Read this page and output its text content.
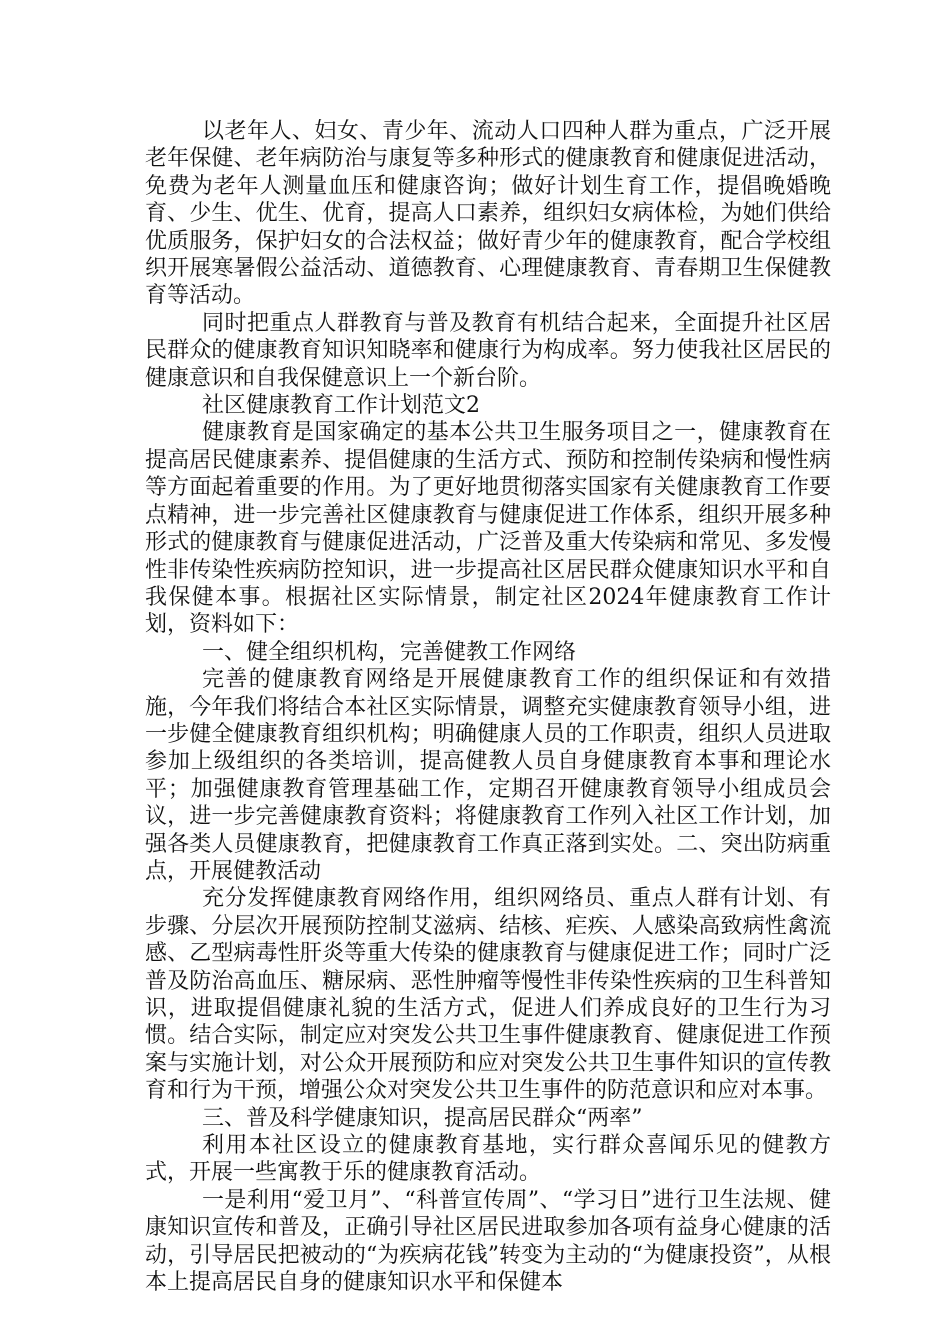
以老年人、妇女、青少年、流动人口四种人群为重点，广泛开展老年保健、老年病防治与康复等多种形式的健康教育和健康促进活动，免费为老年人测量血压和健康咨询；做好计划生育工作，提倡晚婚晚育、少生、优生、优育，提高人口素养，组织妇女病体检，为她们供给优质服务，保护妇女的合法权益；做好青少年的健康教育，配合学校组织开展寒暑假公益活动、道德教育、心理健康教育、青春期卫生保健教育等活动。

同时把重点人群教育与普及教育有机结合起来，全面提升社区居民群众的健康教育知识知晓率和健康行为构成率。努力使我社区居民的健康意识和自我保健意识上一个新台阶。

社区健康教育工作计划范文2

健康教育是国家确定的基本公共卫生服务项目之一，健康教育在提高居民健康素养、提倡健康的生活方式、预防和控制传染病和慢性病等方面起着重要的作用。为了更好地贯彻落实国家有关健康教育工作要点精神，进一步完善社区健康教育与健康促进工作体系，组织开展多种形式的健康教育与健康促进活动，广泛普及重大传染病和常见、多发慢性非传染性疾病防控知识，进一步提高社区居民群众健康知识水平和自我保健本事。根据社区实际情景，制定社区2024年健康教育工作计划，资料如下：

一、健全组织机构，完善健教工作网络

完善的健康教育网络是开展健康教育工作的组织保证和有效措施，今年我们将结合本社区实际情景，调整充实健康教育领导小组，进一步健全健康教育组织机构；明确健康人员的工作职责，组织人员进取参加上级组织的各类培训，提高健教人员自身健康教育本事和理论水平；加强健康教育管理基础工作，定期召开健康教育领导小组成员会议，进一步完善健康教育资料；将健康教育工作列入社区工作计划，加强各类人员健康教育，把健康教育工作真正落到实处。二、突出防病重点，开展健教活动

充分发挥健康教育网络作用，组织网络员、重点人群有计划、有步骤、分层次开展预防控制艾滋病、结核、疟疾、人感染高致病性禽流感、乙型病毒性肝炎等重大传染的健康教育与健康促进工作；同时广泛普及防治高血压、糖尿病、恶性肿瘤等慢性非传染性疾病的卫生科普知识，进取提倡健康礼貌的生活方式，促进人们养成良好的卫生行为习惯。结合实际，制定应对突发公共卫生事件健康教育、健康促进工作预案与实施计划，对公众开展预防和应对突发公共卫生事件知识的宣传教育和行为干预，增强公众对突发公共卫生事件的防范意识和应对本事。

三、普及科学健康知识，提高居民群众“两率”

利用本社区设立的健康教育基地，实行群众喜闻乐见的健教方式，开展一些寓教于乐的健康教育活动。

一是利用“爱卫月”、“科普宣传周”、“学习日”进行卫生法规、健康知识宣传和普及，正确引导社区居民进取参加各项有益身心健康的活动，引导居民把被动的“为疾病花钱”转变为主动的“为健康投资”，从根本上提高居民自身的健康知识水平和保健本
